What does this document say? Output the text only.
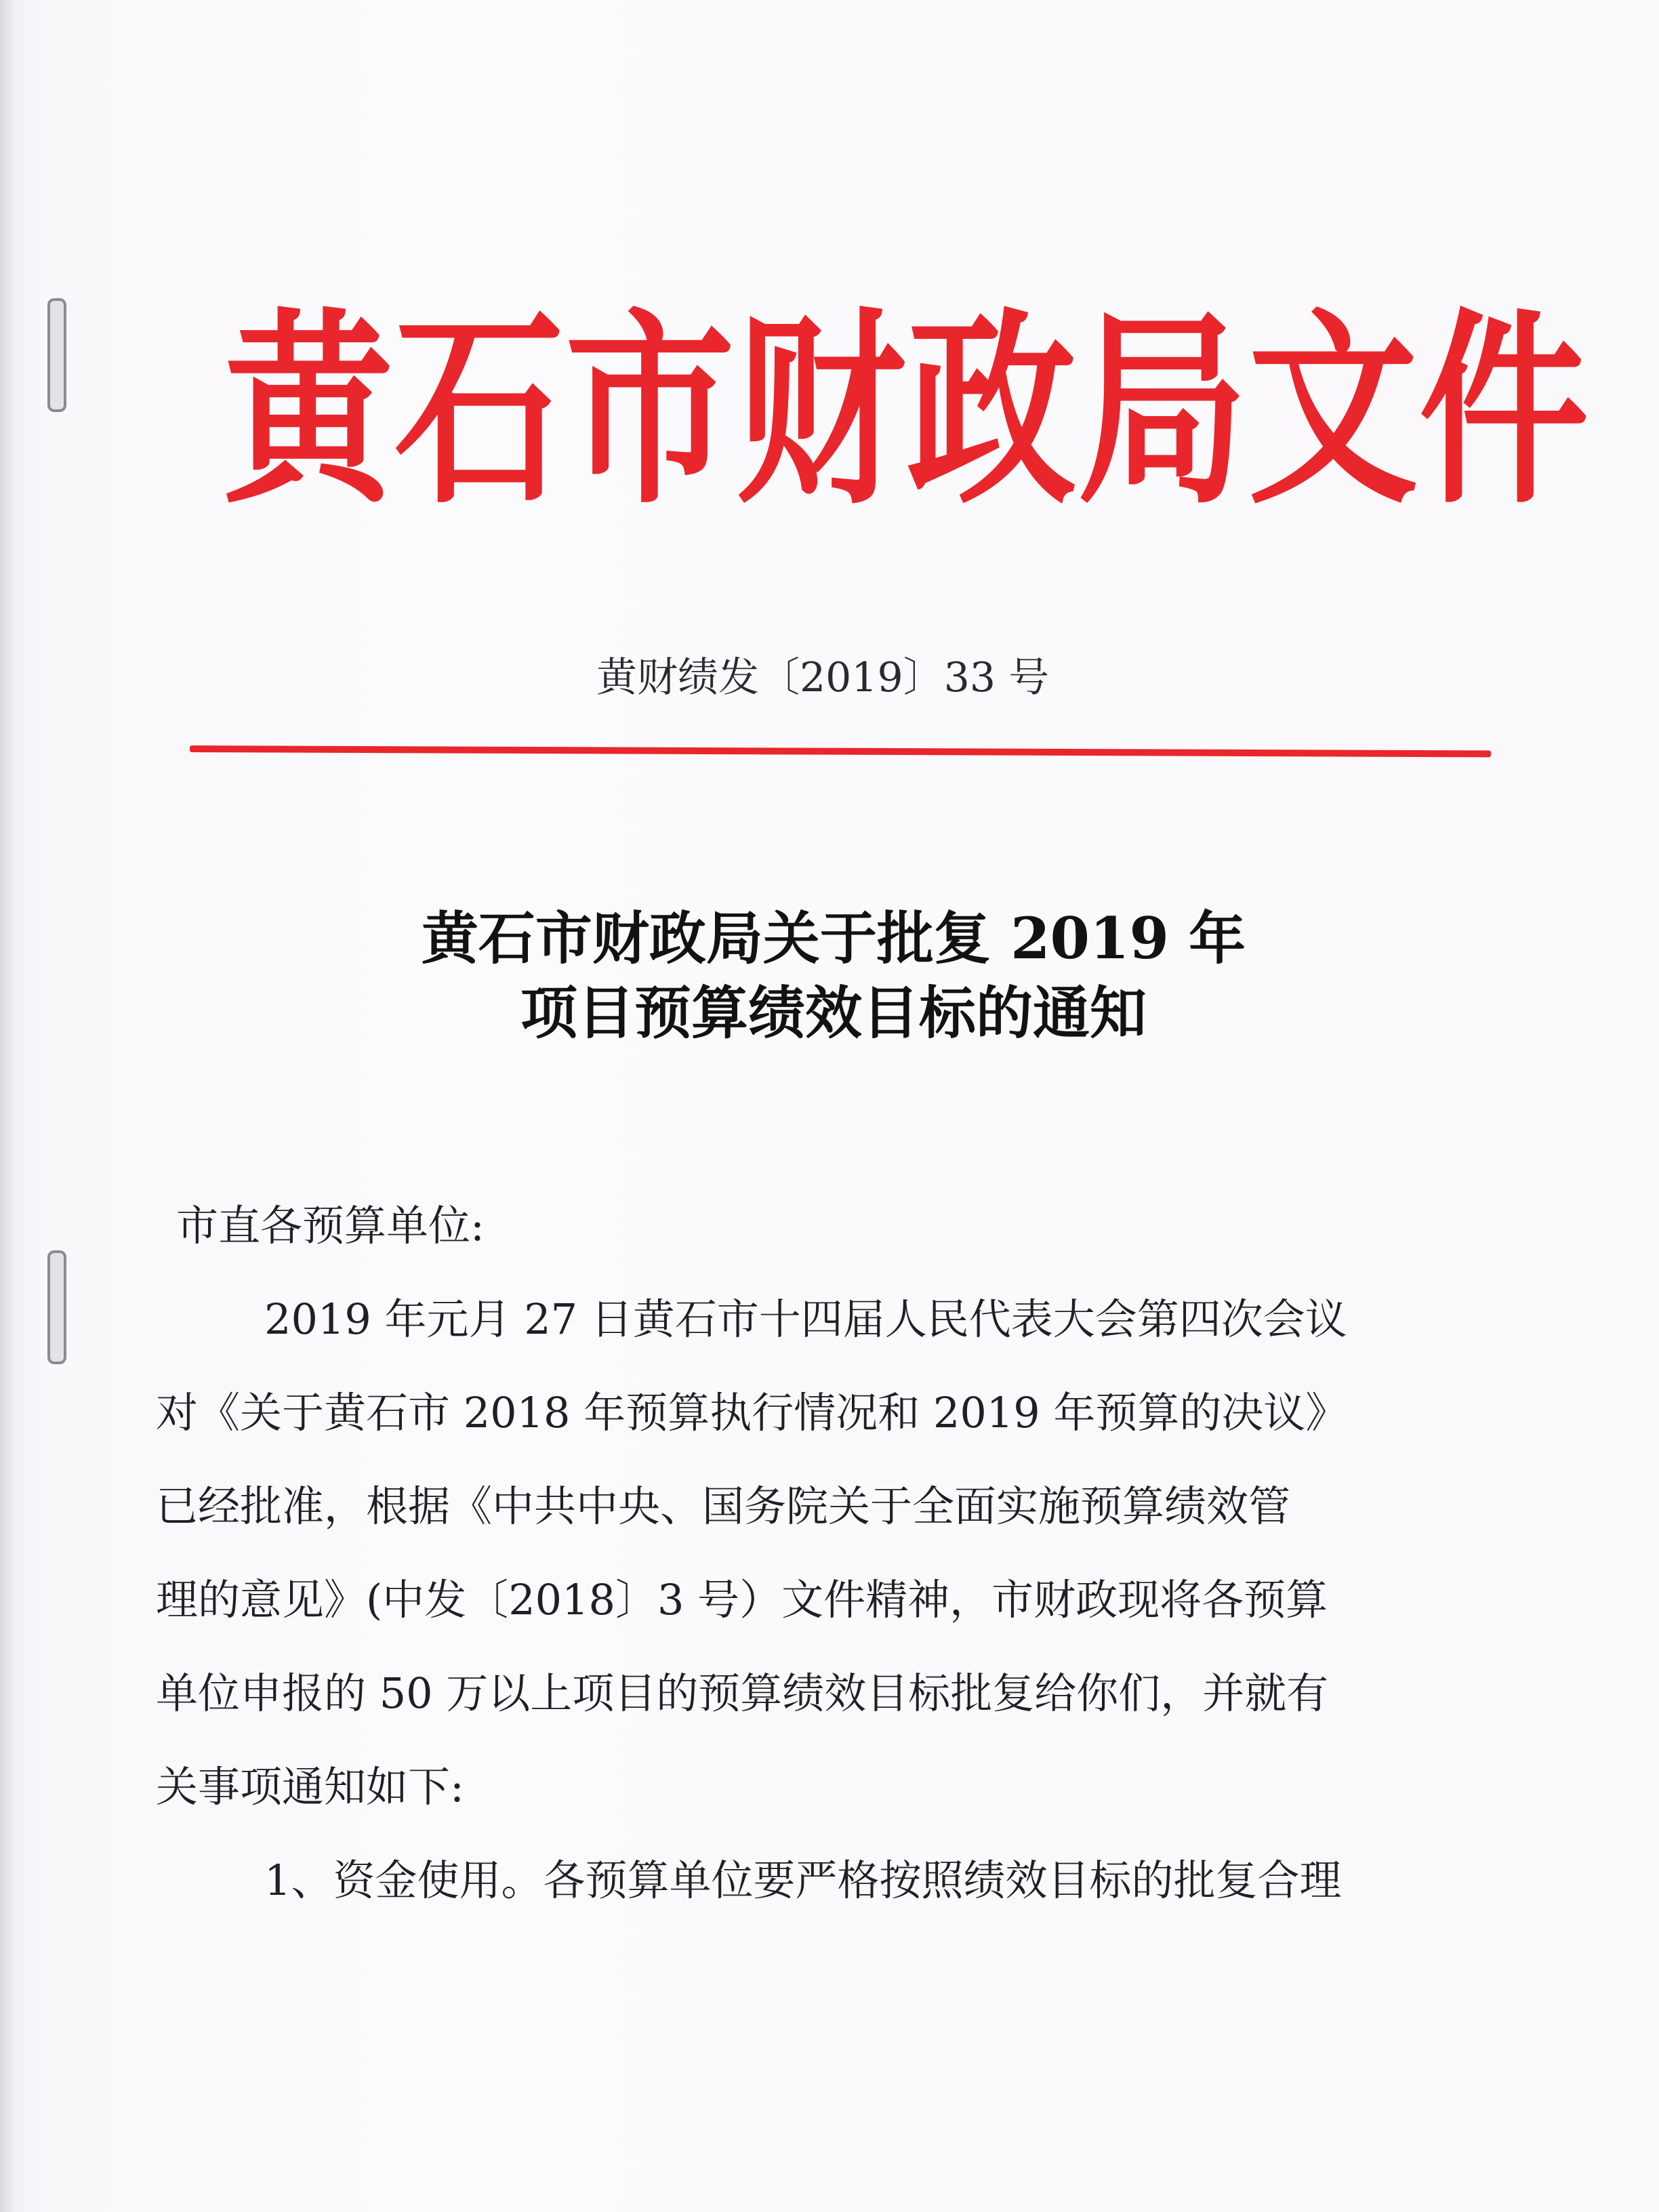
黄石市财政局文件
黄财绩发〔2019〕33 号
黄石市财政局关于批复 2019 年
项目预算绩效目标的通知

市直各预算单位:

2019 年元月 27 日黄石市十四届人民代表大会第四次会议

对《关于黄石市 2018 年预算执行情况和 2019 年预算的决议》

已经批准，根据《中共中央、国务院关于全面实施预算绩效管

理的意见》(中发〔2018〕3 号）文件精神，市财政现将各预算

单位申报的 50 万以上项目的预算绩效目标批复给你们，并就有

关事项通知如下:

1、资金使用。各预算单位要严格按照绩效目标的批复合理
